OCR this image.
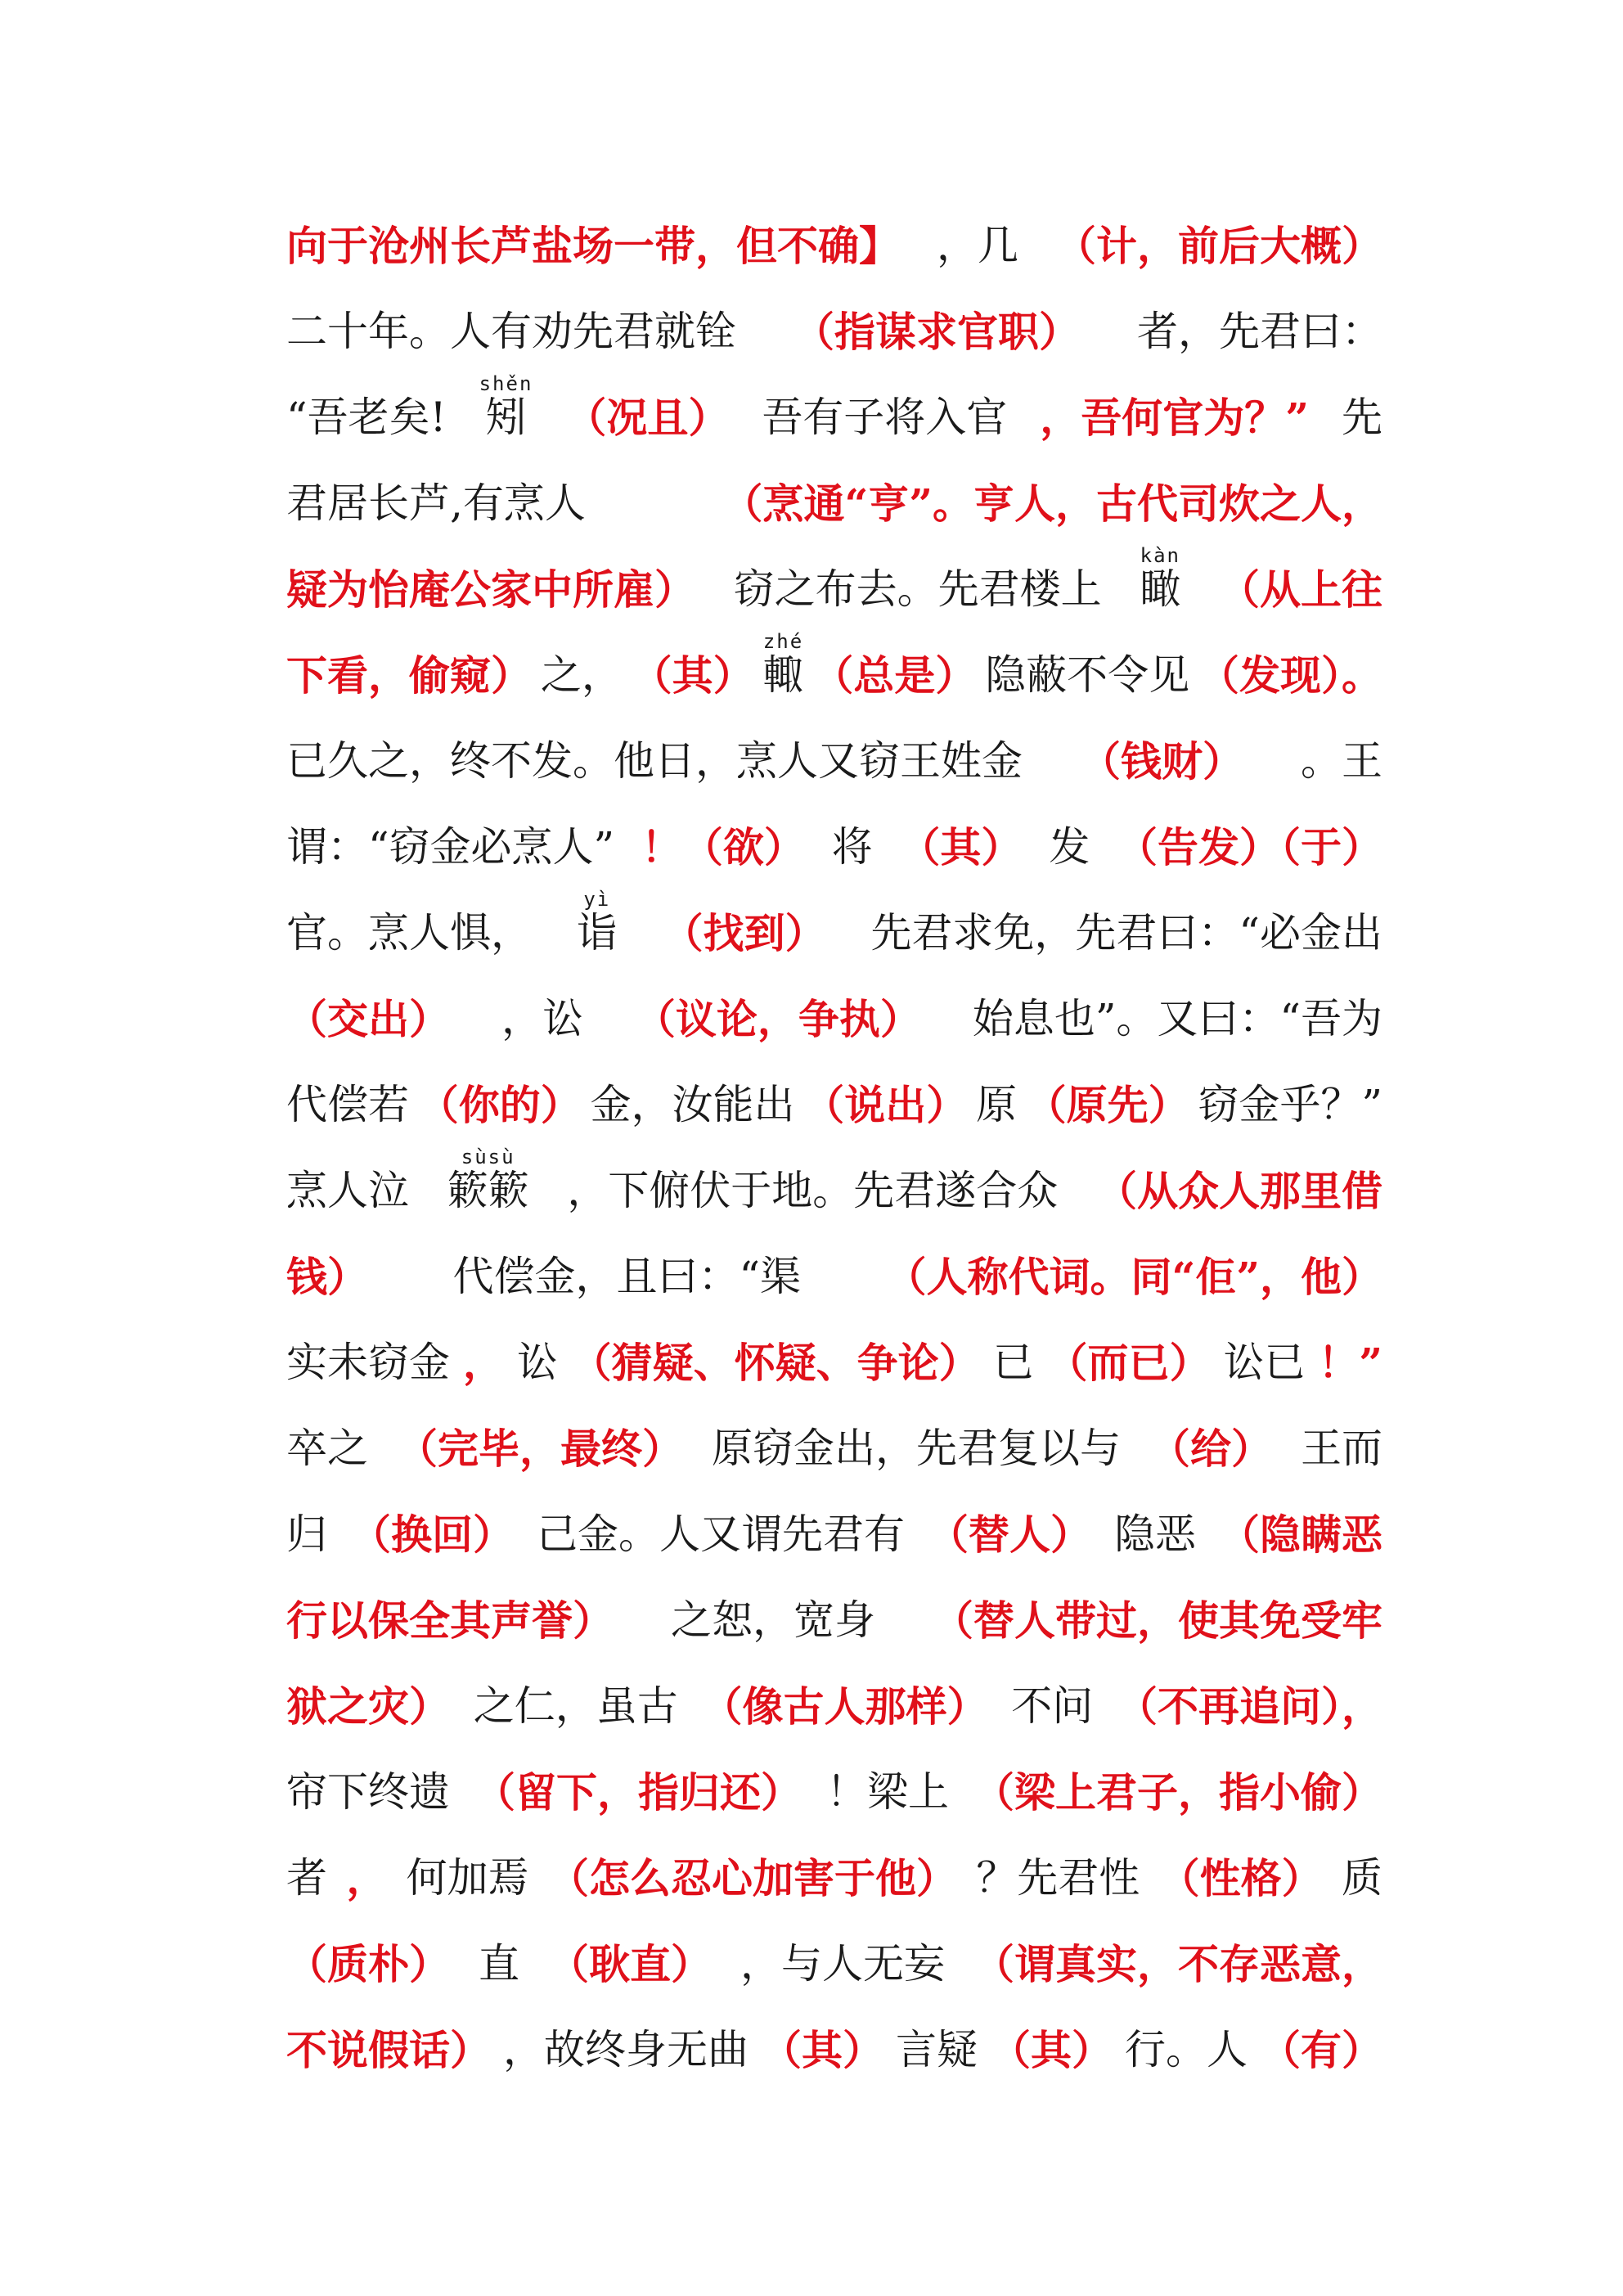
向于沧州长芦盐场一带，但不确】 ，几 （计，前后大概）
二十年。人有劝先君就铨 （指谋求官职） 者，先君曰：
“吾老矣! 矧shěn
（况且） 吾有子将入官 ，吾何官为？” 先
君居长芦,有烹人	（烹通“亨”。亨人，古代司炊之人，
疑为怡庵公家中所雇） 窃之布去。先君楼上 瞰kàn
（从上往
下看，偷窥） 之， （其） 輙zhé
（总是） 隐蔽不令见 （发现）。
已久之，终不发。他日，烹人又窃王姓金 （钱财） 。王
谓：“窃金必烹人” ！（欲） 将 （其） 发 （告发）（于）
官。烹人惧， 诣yì
（找到） 先君求免，先君曰：“必金出
（交出） ，讼 （议论，争执） 始息也”。又曰：“吾为
代偿若 （你的） 金，汝能出 （说出） 原 （原先） 窃金乎？”
烹人泣 簌簌sùsù
，下俯伏于地。先君遂合众 （从众人那里借
钱） 代偿金，且曰：“渠 （人称代词。同“佢”，他）
实未窃金 ， 讼 （猜疑、怀疑、争论） 已 （而已） 讼已 ！”
卒之 （完毕，最终） 原窃金出，先君复以与 （给） 王而
归 （换回） 己金。人又谓先君有 （替人） 隐恶 （隐瞒恶
行以保全其声誉） 之恕，宽身 （替人带过，使其免受牢
狱之灾） 之仁，虽古 （像古人那样） 不问 （不再追问），
帘下终遗 （留下，指归还） ！梁上 （梁上君子，指小偷）
者 ， 何加焉 （怎么忍心加害于他） ？先君性 （性格） 质
（质朴） 直 （耿直） ，与人无妄 （谓真实，不存恶意，
不说假话） ，故终身无曲 （其） 言疑 （其） 行。人 （有）
